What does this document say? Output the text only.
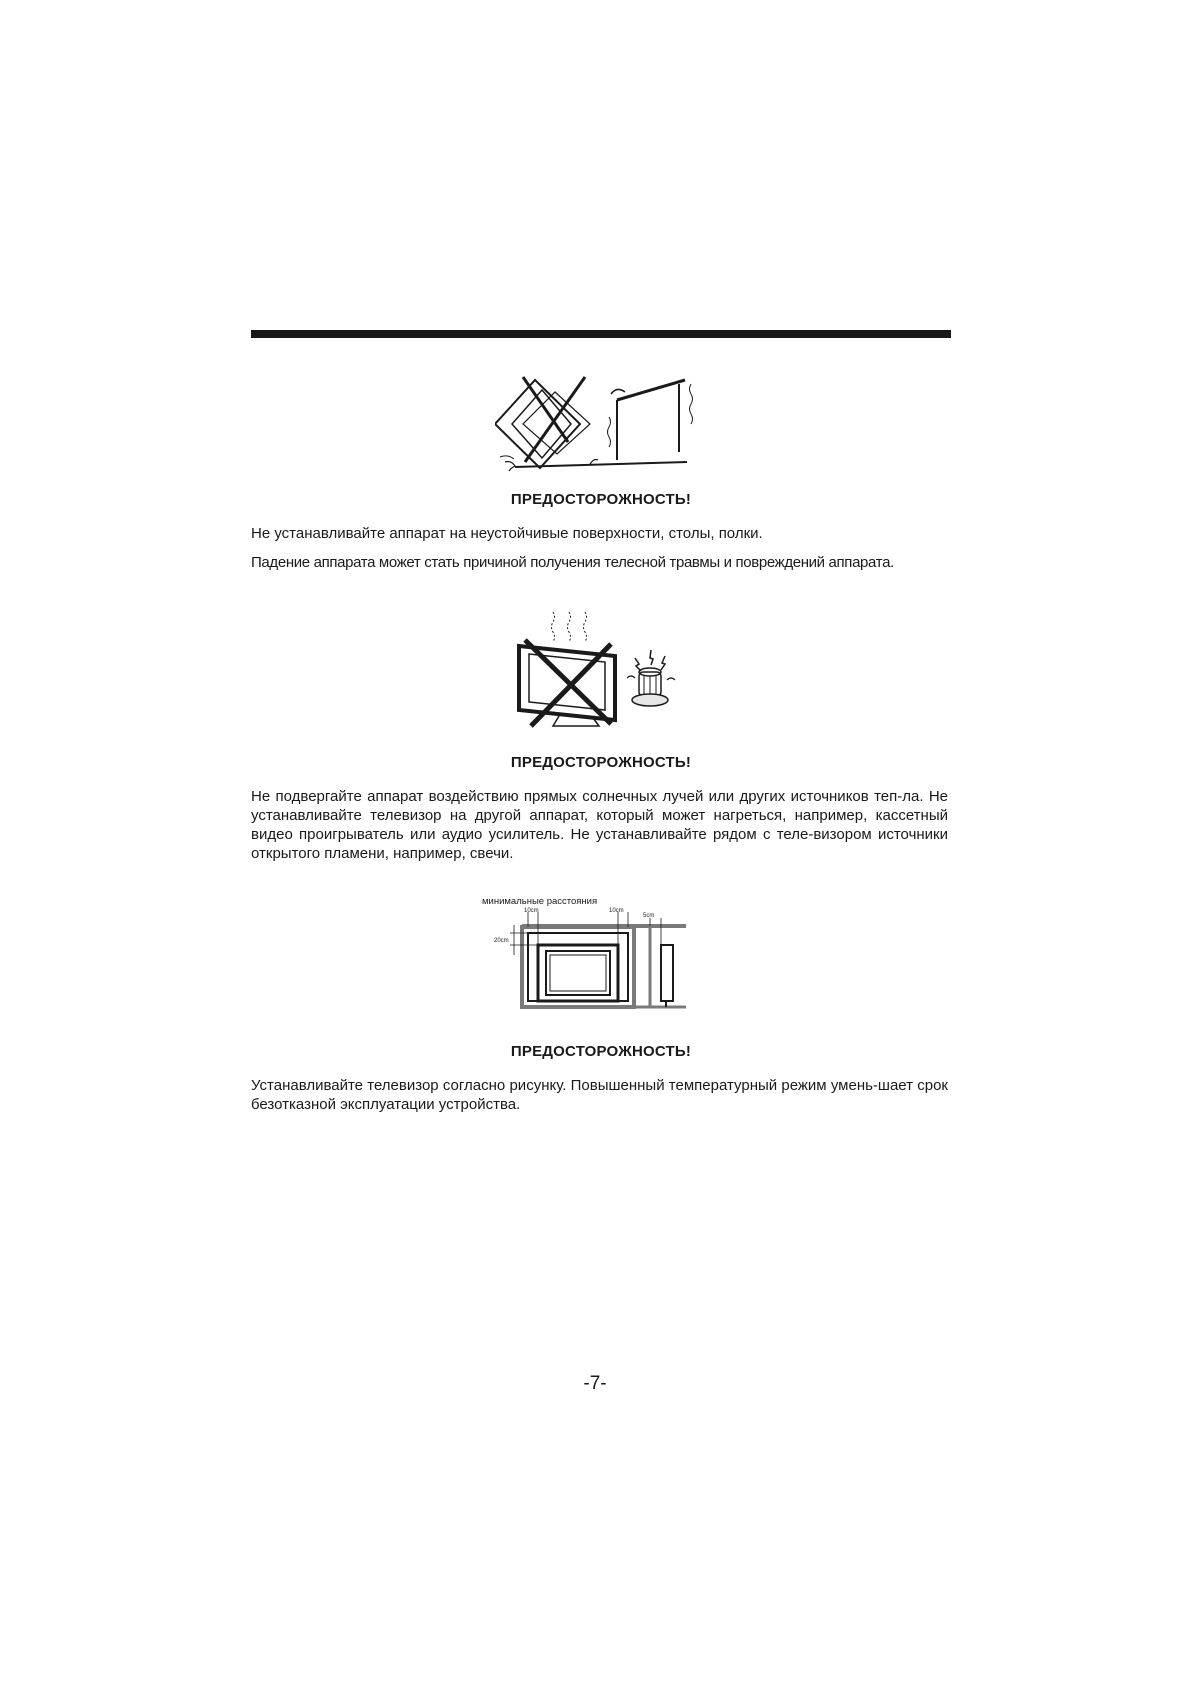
ПРЕДОСТОРОЖНОСТЬ!

Не устанавливайте аппарат на неустойчивые поверхности, столы, полки.

Падение аппарата может стать причиной получения телесной травмы и повреждений аппарата.

ПРЕДОСТОРОЖНОСТЬ!

Не подвергайте аппарат воздействию прямых солнечных лучей или других источников теп-ла. Не устанавливайте телевизор на другой аппарат, который может нагреться, например, кассетный видео проигрыватель или аудио усилитель. Не устанавливайте рядом с теле-визором источники открытого пламени, например, свечи.

минимальные расстояния
10cm	10cm
5cm
20cm
ПРЕДОСТОРОЖНОСТЬ!

Устанавливайте телевизор согласно рисунку. Повышенный температурный режим умень-шает срок безотказной эксплуатации устройства.

-7-
